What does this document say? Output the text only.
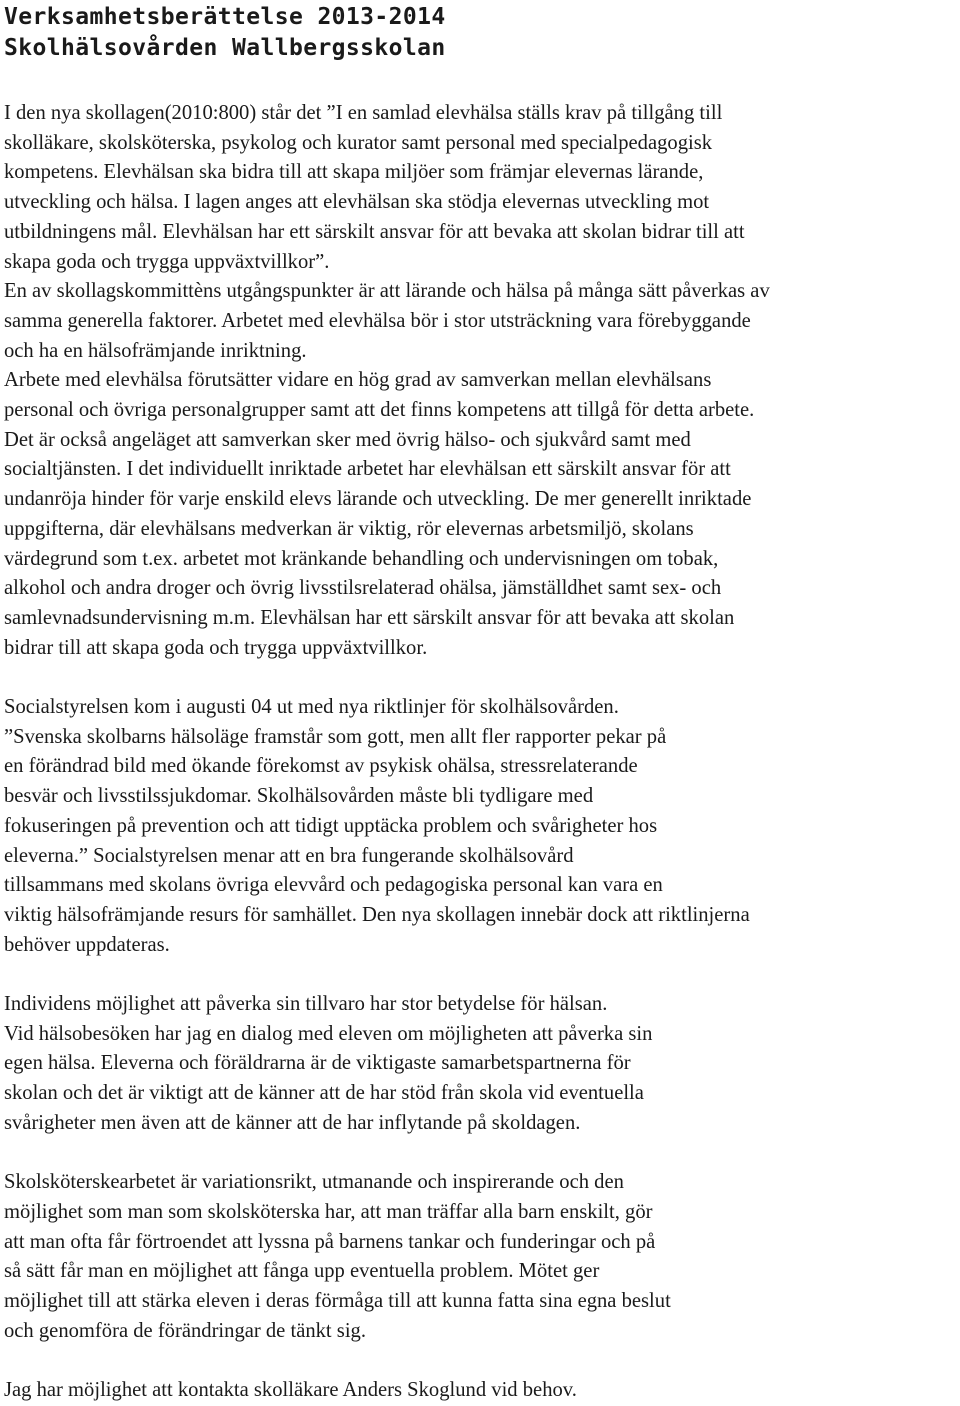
Verksamhetsberättelse 2013-2014
Skolhälsovården Wallbergsskolan

I den nya skollagen(2010:800) står det ”I en samlad elevhälsa ställs krav på tillgång till
skolläkare, skolsköterska, psykolog och kurator samt personal med specialpedagogisk
kompetens. Elevhälsan ska bidra till att skapa miljöer som främjar elevernas lärande,
utveckling och hälsa. I lagen anges att elevhälsan ska stödja elevernas utveckling mot
utbildningens mål. Elevhälsan har ett särskilt ansvar för att bevaka att skolan bidrar till att
skapa goda och trygga uppväxtvillkor”.
En av skollagskommittèns utgångspunkter är att lärande och hälsa på många sätt påverkas av
samma generella faktorer. Arbetet med elevhälsa bör i stor utsträckning vara förebyggande
och ha en hälsofrämjande inriktning.
Arbete med elevhälsa förutsätter vidare en hög grad av samverkan mellan elevhälsans
personal och övriga personalgrupper samt att det finns kompetens att tillgå för detta arbete.
Det är också angeläget att samverkan sker med övrig hälso- och sjukvård samt med
socialtjänsten. I det individuellt inriktade arbetet har elevhälsan ett särskilt ansvar för att
undanröja hinder för varje enskild elevs lärande och utveckling. De mer generellt inriktade
uppgifterna, där elevhälsans medverkan är viktig, rör elevernas arbetsmiljö, skolans
värdegrund som t.ex. arbetet mot kränkande behandling och undervisningen om tobak,
alkohol och andra droger och övrig livsstilsrelaterad ohälsa, jämställdhet samt sex- och
samlevnadsundervisning m.m. Elevhälsan har ett särskilt ansvar för att bevaka att skolan
bidrar till att skapa goda och trygga uppväxtvillkor.

Socialstyrelsen kom i augusti 04 ut med nya riktlinjer för skolhälsovården.
”Svenska skolbarns hälsoläge framstår som gott, men allt fler rapporter pekar på
en förändrad bild med ökande förekomst av psykisk ohälsa, stressrelaterande
besvär och livsstilssjukdomar. Skolhälsovården måste bli tydligare med
fokuseringen på prevention och att tidigt upptäcka problem och svårigheter hos
eleverna.” Socialstyrelsen menar att en bra fungerande skolhälsovård
tillsammans med skolans övriga elevvård och pedagogiska personal kan vara en
viktig hälsofrämjande resurs för samhället. Den nya skollagen innebär dock att riktlinjerna
behöver uppdateras.

Individens möjlighet att påverka sin tillvaro har stor betydelse för hälsan.
Vid hälsobesöken har jag en dialog med eleven om möjligheten att påverka sin
egen hälsa. Eleverna och föräldrarna är de viktigaste samarbetspartnerna för
skolan och det är viktigt att de känner att de har stöd från skola vid eventuella
svårigheter men även att de känner att de har inflytande på skoldagen.

Skolsköterskearbetet är variationsrikt, utmanande och inspirerande och den
möjlighet som man som skolsköterska har, att man träffar alla barn enskilt, gör
att man ofta får förtroendet att lyssna på barnens tankar och funderingar och på
så sätt får man en möjlighet att fånga upp eventuella problem. Mötet ger
möjlighet till att stärka eleven i deras förmåga till att kunna fatta sina egna beslut
och genomföra de förändringar de tänkt sig.

Jag har möjlighet att kontakta skolläkare Anders Skoglund vid behov.
